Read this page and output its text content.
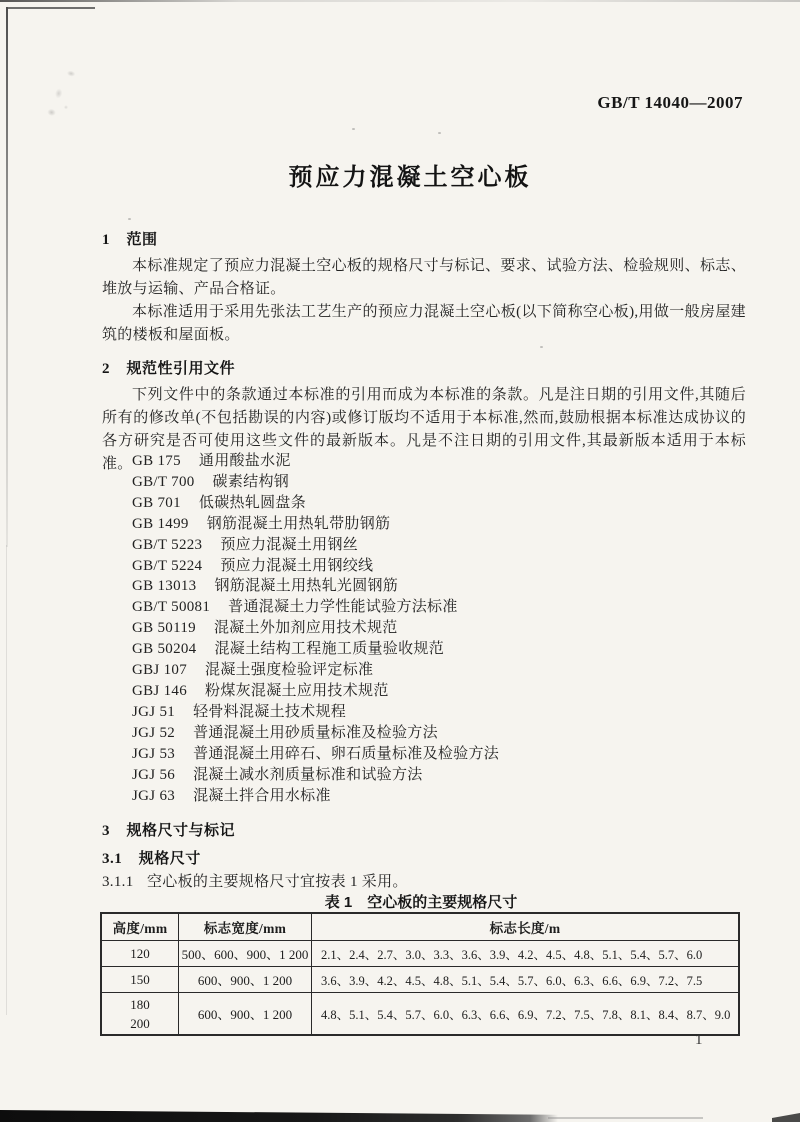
GB/T 14040—2007
预应力混凝土空心板
1 范围
本标准规定了预应力混凝土空心板的规格尺寸与标记、要求、试验方法、检验规则、标志、堆放与运输、产品合格证。
本标准适用于采用先张法工艺生产的预应力混凝土空心板(以下简称空心板),用做一般房屋建筑的楼板和屋面板。
2 规范性引用文件
下列文件中的条款通过本标准的引用而成为本标准的条款。凡是注日期的引用文件,其随后所有的修改单(不包括勘误的内容)或修订版均不适用于本标准,然而,鼓励根据本标准达成协议的各方研究是否可使用这些文件的最新版本。凡是不注日期的引用文件,其最新版本适用于本标准。 GB 175 通用酸盐水泥
GB/T 700 碳素结构钢
GB 701 低碳热轧圆盘条
GB 1499 钢筋混凝土用热轧带肋钢筋
GB/T 5223 预应力混凝土用钢丝
GB/T 5224 预应力混凝土用钢绞线
GB 13013 钢筋混凝土用热轧光圆钢筋
GB/T 50081 普通混凝土力学性能试验方法标准
GB 50119 混凝土外加剂应用技术规范
GB 50204 混凝土结构工程施工质量验收规范
GBJ 107 混凝土强度检验评定标准
GBJ 146 粉煤灰混凝土应用技术规范
JGJ 51 轻骨料混凝土技术规程
JGJ 52 普通混凝土用砂质量标准及检验方法
JGJ 53 普通混凝土用碎石、卵石质量标准及检验方法
JGJ 56 混凝土减水剂质量标准和试验方法
JGJ 63 混凝土拌合用水标准
3 规格尺寸与标记
3.1 规格尺寸
3.1.1 空心板的主要规格尺寸宜按表 1 采用。
表 1 空心板的主要规格尺寸
高度/mm	标志宽度/mm	标志长度/m

120	500、600、900、1 200	2.1、2.4、2.7、3.0、3.3、3.6、3.9、4.2、4.5、4.8、5.1、5.4、5.7、6.0

150	600、900、1 200	3.6、3.9、4.2、4.5、4.8、5.1、5.4、5.7、6.0、6.3、6.6、6.9、7.2、7.5

180
200	600、900、1 200	4.8、5.1、5.4、5.7、6.0、6.3、6.6、6.9、7.2、7.5、7.8、8.1、8.4、8.7、9.0
1
